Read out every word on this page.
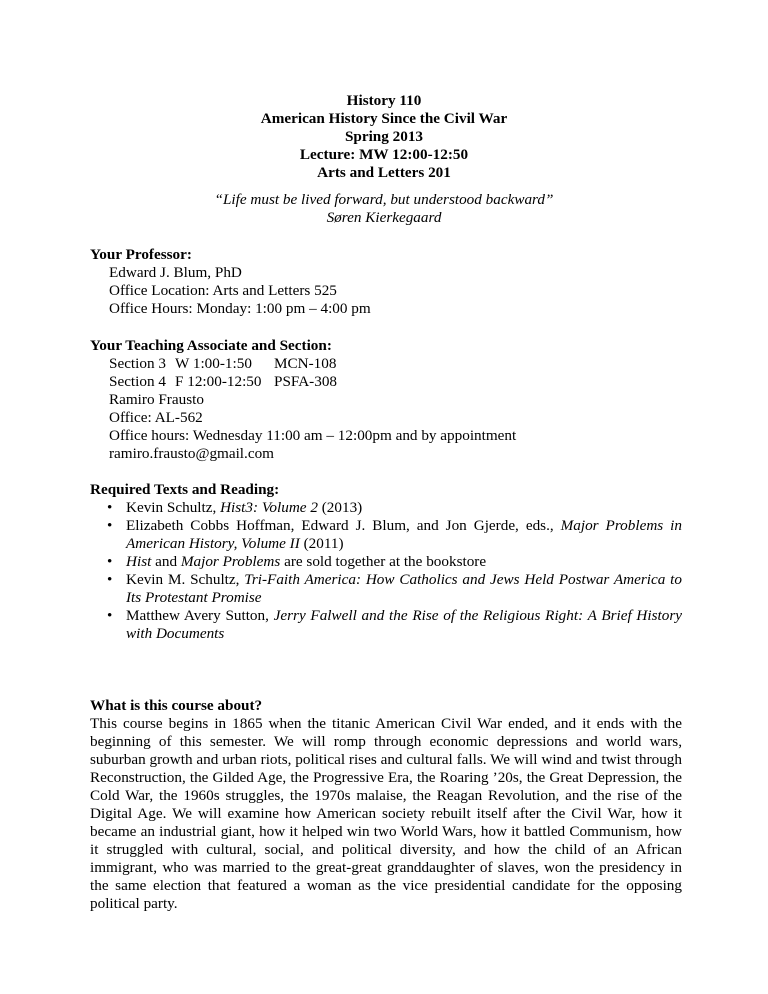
History 110
American History Since the Civil War
Spring 2013
Lecture: MW 12:00-12:50
Arts and Letters 201
“Life must be lived forward, but understood backward”
Søren Kierkegaard
Your Professor:
Edward J. Blum, PhD
Office Location: Arts and Letters 525
Office Hours: Monday: 1:00 pm – 4:00 pm
Your Teaching Associate and Section:
Section 3 W 1:00-1:50	MCN-108
Section 4 F 12:00-12:50 PSFA-308
Ramiro Frausto
Office: AL-562
Office hours: Wednesday 11:00 am – 12:00pm and by appointment
ramiro.frausto@gmail.com
Required Texts and Reading:
• Kevin Schultz, Hist3: Volume 2 (2013)
• Elizabeth Cobbs Hoffman, Edward J. Blum, and Jon Gjerde, eds., Major Problems in American History, Volume II (2011)
• Hist and Major Problems are sold together at the bookstore
• Kevin M. Schultz, Tri-Faith America: How Catholics and Jews Held Postwar America to Its Protestant Promise
• Matthew Avery Sutton, Jerry Falwell and the Rise of the Religious Right: A Brief History with Documents
What is this course about?
This course begins in 1865 when the titanic American Civil War ended, and it ends with the beginning of this semester. We will romp through economic depressions and world wars, suburban growth and urban riots, political rises and cultural falls. We will wind and twist through Reconstruction, the Gilded Age, the Progressive Era, the Roaring ’20s, the Great Depression, the Cold War, the 1960s struggles, the 1970s malaise, the Reagan Revolution, and the rise of the Digital Age. We will examine how American society rebuilt itself after the Civil War, how it became an industrial giant, how it helped win two World Wars, how it battled Communism, how it struggled with cultural, social, and political diversity, and how the child of an African immigrant, who was married to the great-great granddaughter of slaves, won the presidency in the same election that featured a woman as the vice presidential candidate for the opposing political party.
